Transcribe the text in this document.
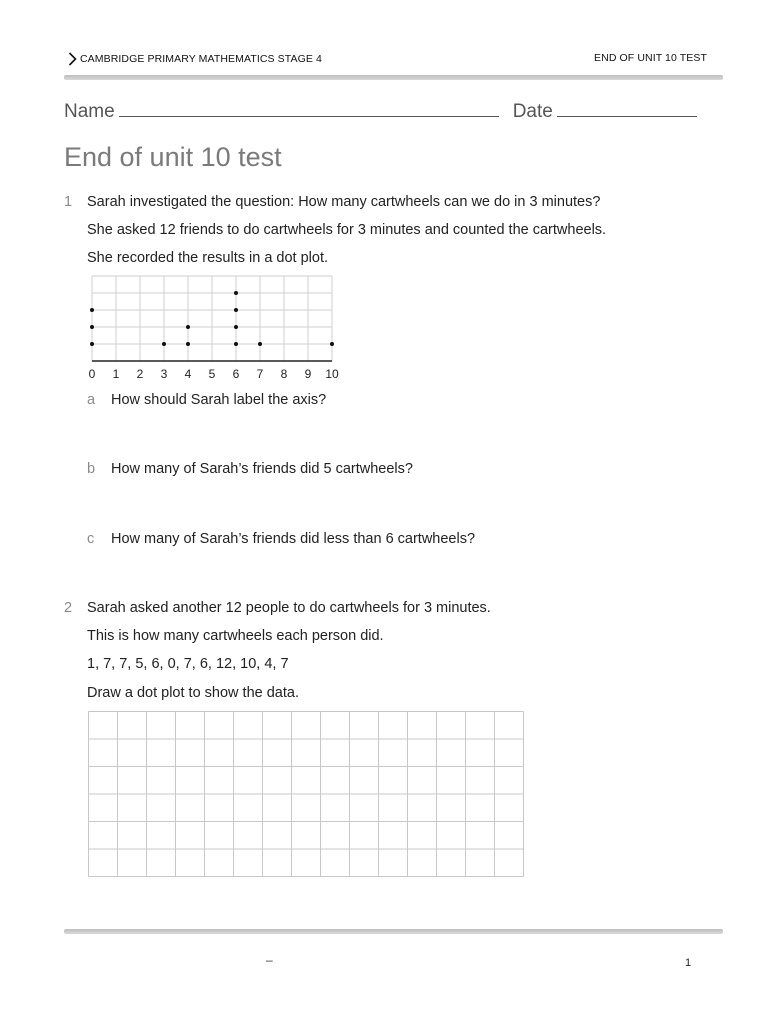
CAMBRIDGE PRIMARY MATHEMATICS STAGE 4	END OF UNIT 10 TEST
Name	Date
End of unit 10 test
1 Sarah investigated the question: How many cartwheels can we do in 3 minutes?
She asked 12 friends to do cartwheels for 3 minutes and counted the cartwheels.
She recorded the results in a dot plot.
0 1 2 3 4 5 6 7 8 9 10
a How should Sarah label the axis?
b How many of Sarah’s friends did 5 cartwheels?
c How many of Sarah’s friends did less than 6 cartwheels?
2 Sarah asked another 12 people to do cartwheels for 3 minutes.
This is how many cartwheels each person did.
1, 7, 7, 5, 6, 0, 7, 6, 12, 10, 4, 7
Draw a dot plot to show the data.
–	1
